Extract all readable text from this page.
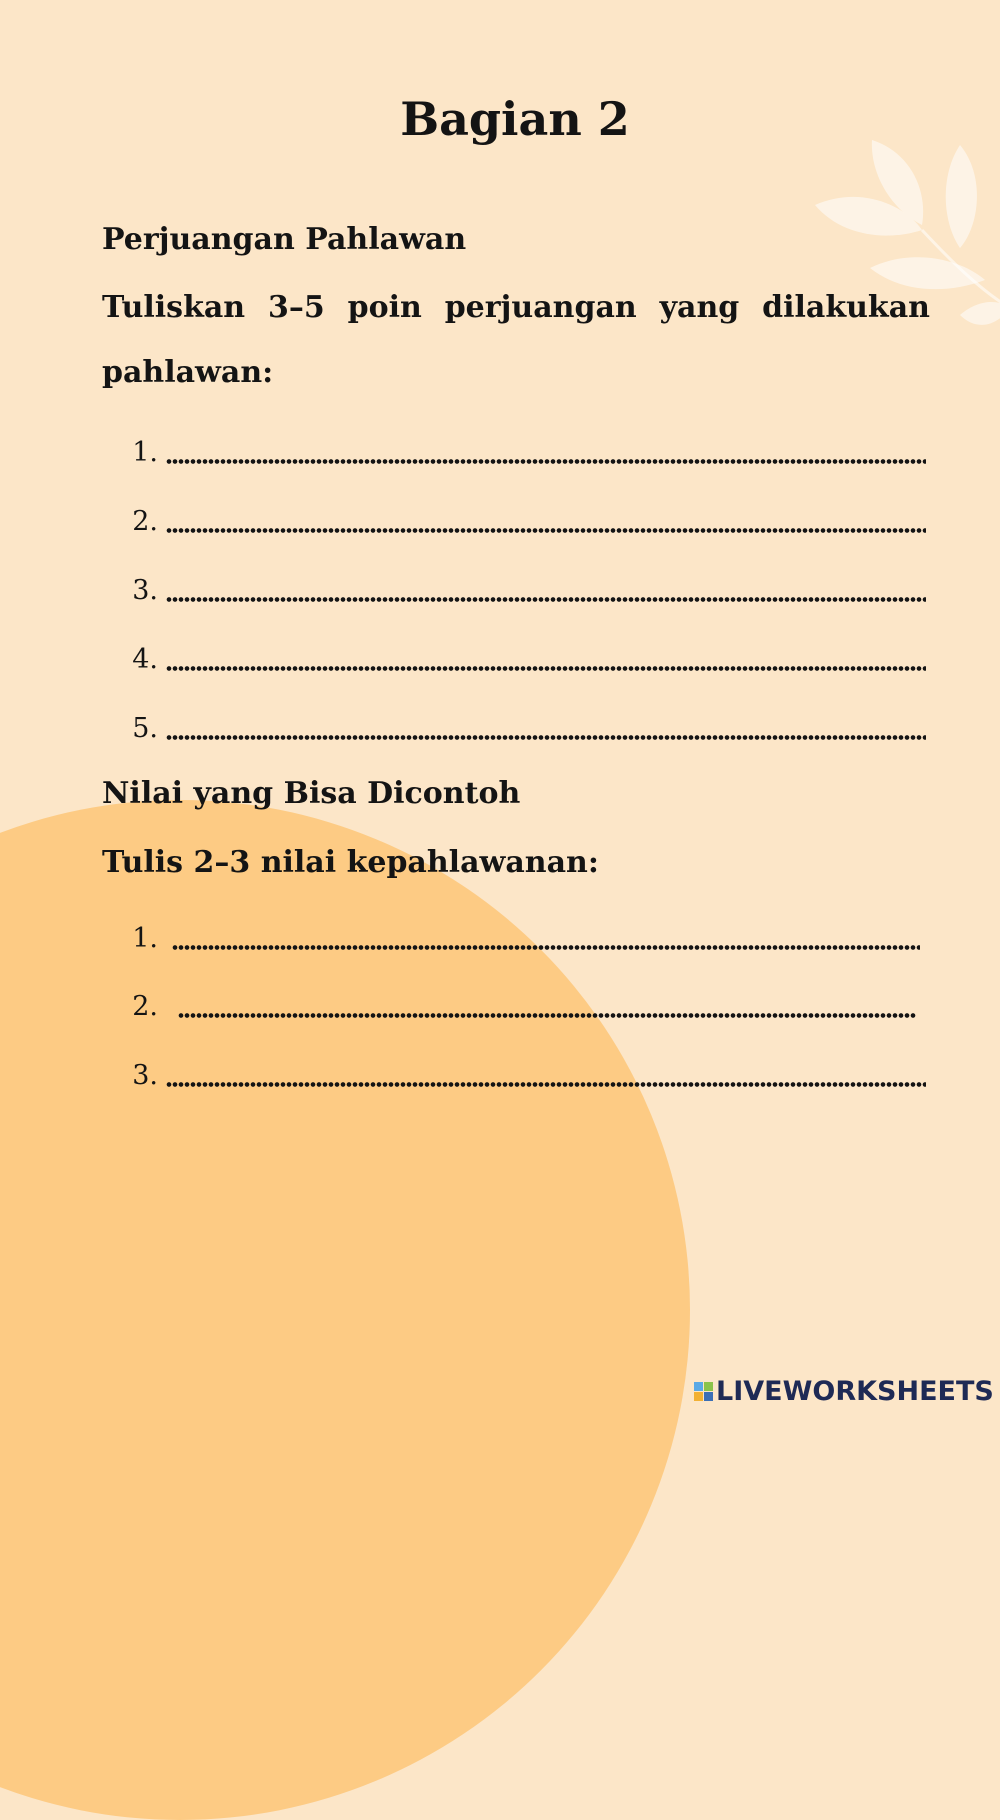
Bagian 2
Perjuangan Pahlawan
Tuliskan 3–5 poin perjuangan yang dilakukan
pahlawan:
1.
2.
3.
4.
5.
Nilai yang Bisa Dicontoh
Tulis 2–3 nilai kepahlawanan:
1.
2.
3.
LIVEWORKSHEETS
